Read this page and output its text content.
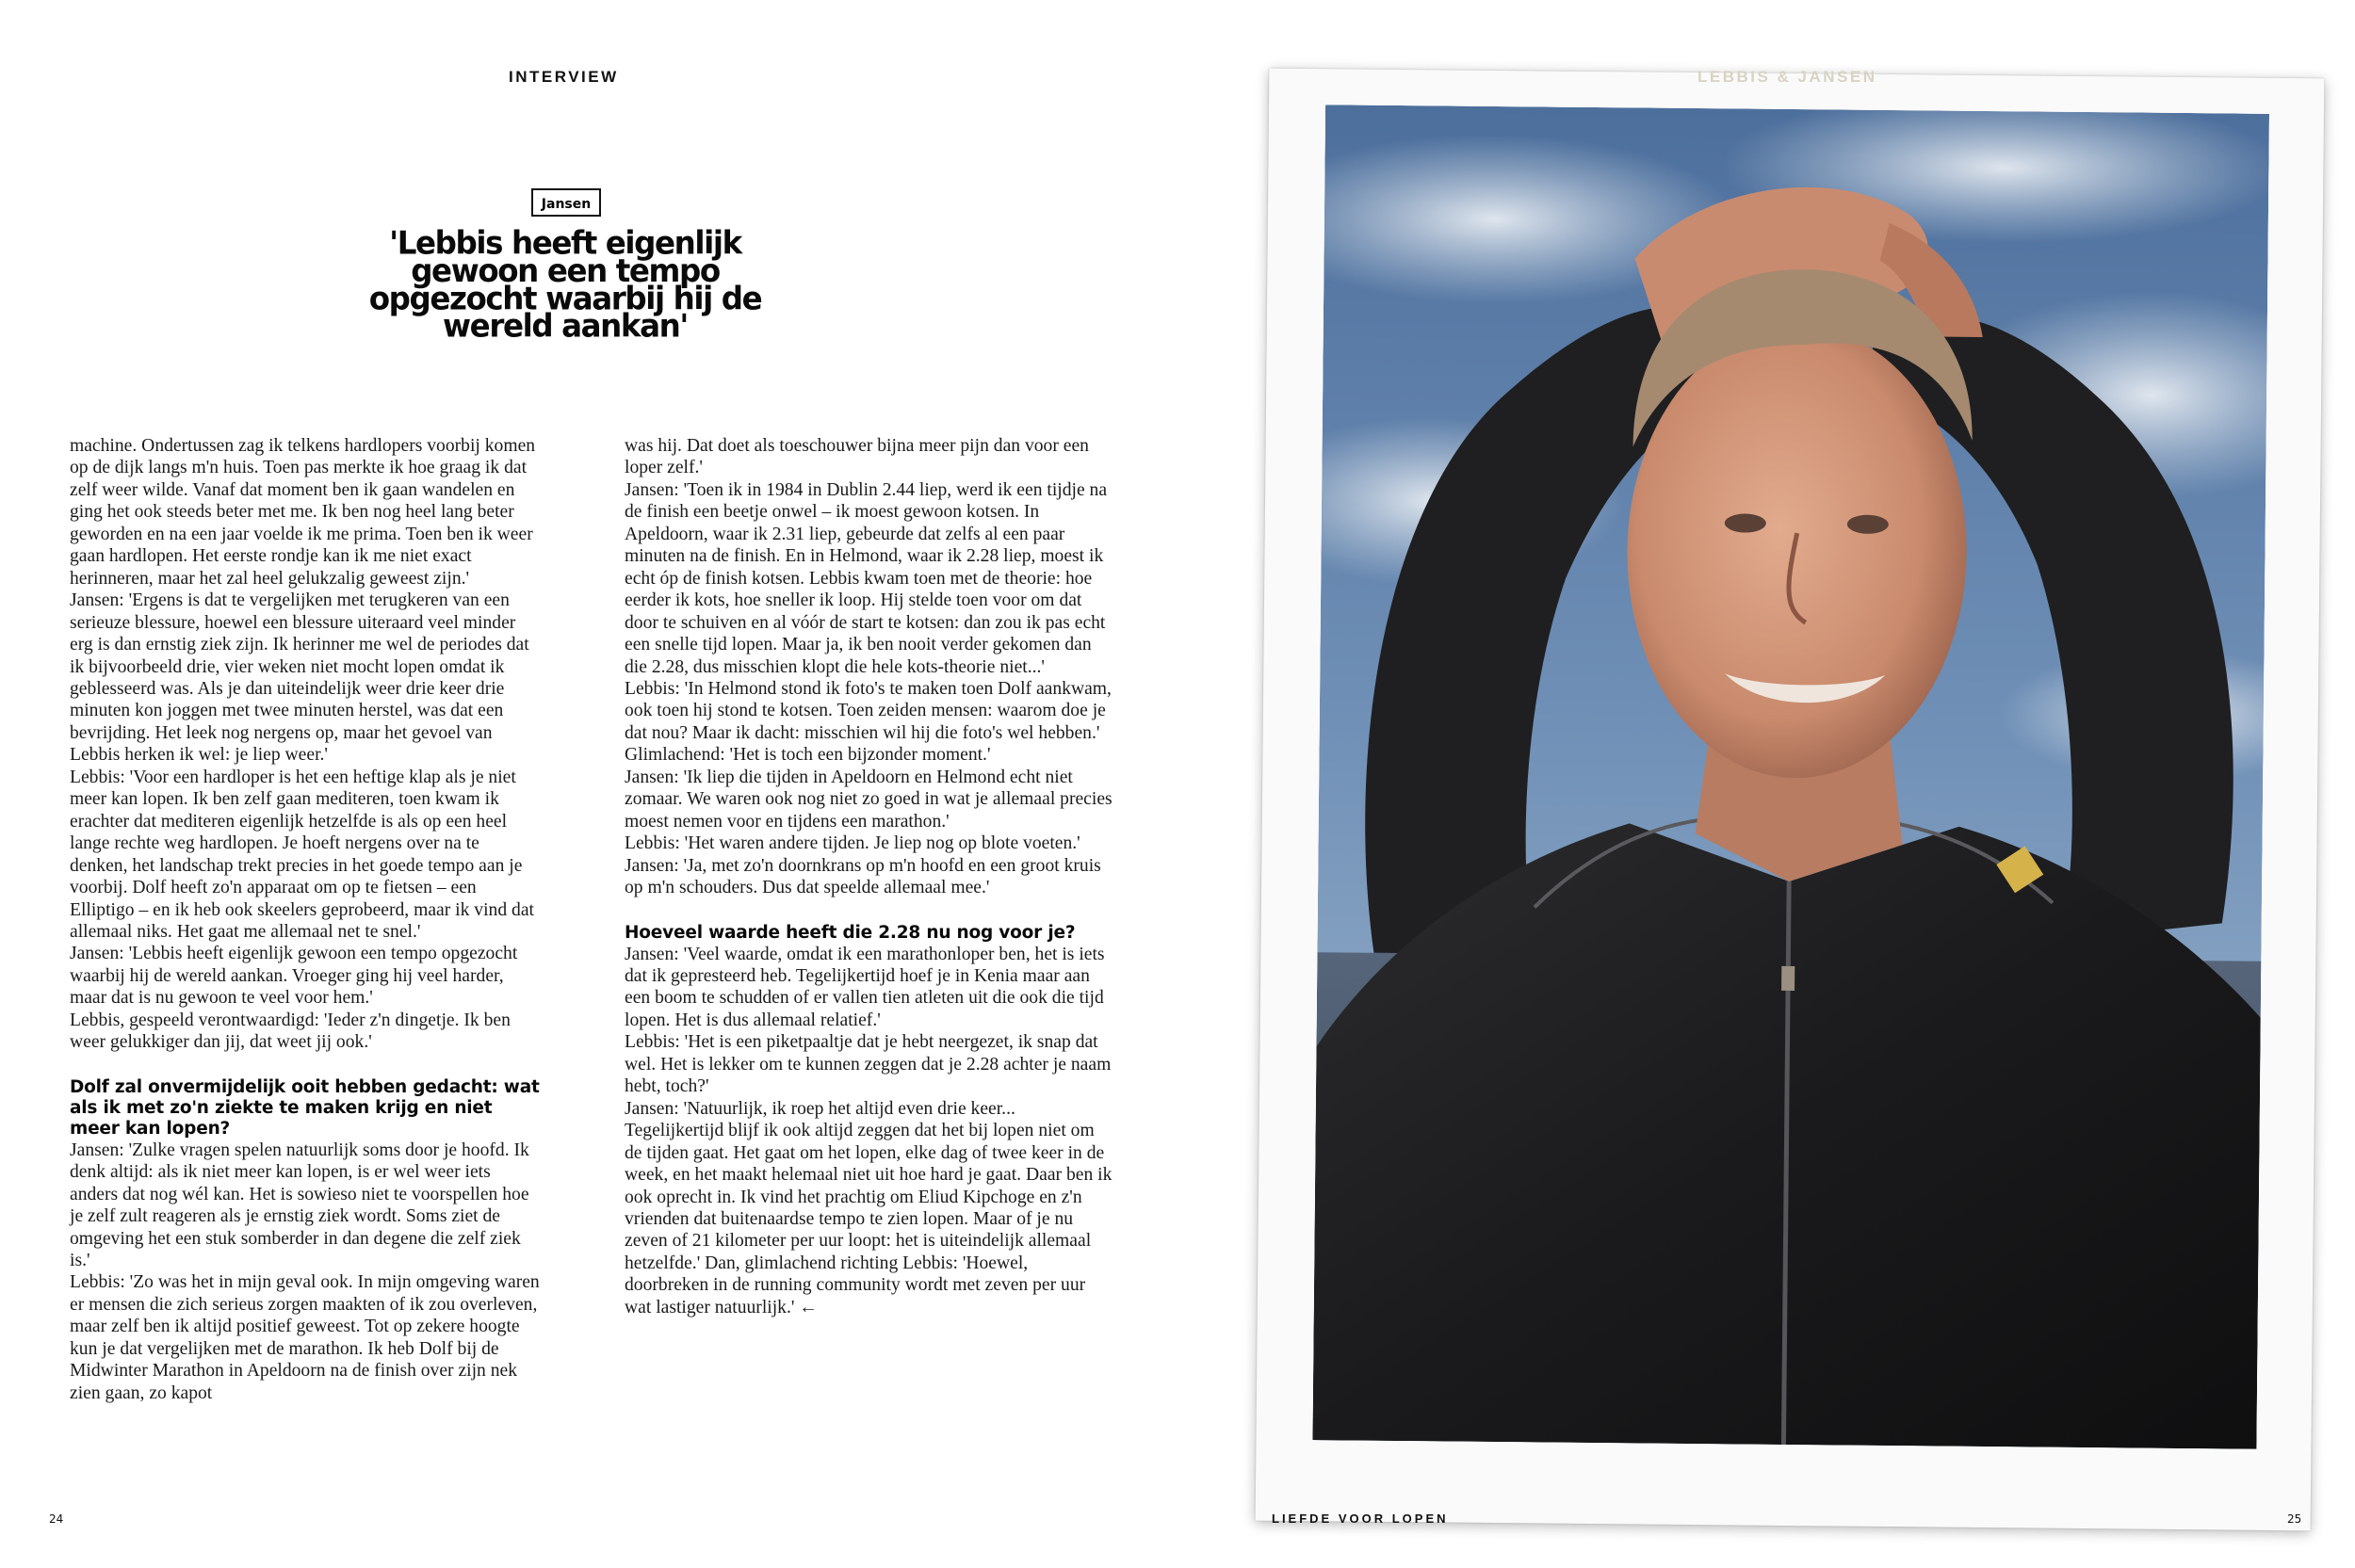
INTERVIEW
Jansen
'Lebbis heeft eigenlijk gewoon een tempo opgezocht waarbij hij de wereld aankan'

machine. Ondertussen zag ik telkens hardlopers voorbij komen op de dijk langs m'n huis. Toen pas merkte ik hoe graag ik dat zelf weer wilde. Vanaf dat moment ben ik gaan wandelen en ging het ook steeds beter met me. Ik ben nog heel lang beter geworden en na een jaar voelde ik me prima. Toen ben ik weer gaan hardlopen. Het eerste rondje kan ik me niet exact herinneren, maar het zal heel gelukzalig geweest zijn.'

Jansen: 'Ergens is dat te vergelijken met terugkeren van een serieuze blessure, hoewel een blessure uiteraard veel minder erg is dan ernstig ziek zijn. Ik herinner me wel de periodes dat ik bijvoorbeeld drie, vier weken niet mocht lopen omdat ik geblesseerd was. Als je dan uiteindelijk weer drie keer drie minuten kon joggen met twee minuten herstel, was dat een bevrijding. Het leek nog nergens op, maar het gevoel van Lebbis herken ik wel: je liep weer.'

Lebbis: 'Voor een hardloper is het een heftige klap als je niet meer kan lopen. Ik ben zelf gaan mediteren, toen kwam ik erachter dat mediteren eigenlijk hetzelfde is als op een heel lange rechte weg hardlopen. Je hoeft nergens over na te denken, het landschap trekt precies in het goede tempo aan je voorbij. Dolf heeft zo'n apparaat om op te fietsen – een Elliptigo – en ik heb ook skeelers geprobeerd, maar ik vind dat allemaal niks. Het gaat me allemaal net te snel.'

Jansen: 'Lebbis heeft eigenlijk gewoon een tempo opgezocht waarbij hij de wereld aankan. Vroeger ging hij veel harder, maar dat is nu gewoon te veel voor hem.'

Lebbis, gespeeld verontwaardigd: 'Ieder z'n dingetje. Ik ben weer gelukkiger dan jij, dat weet jij ook.'

Dolf zal onvermijdelijk ooit hebben gedacht: wat als ik met zo'n ziekte te maken krijg en niet meer kan lopen?

Jansen: 'Zulke vragen spelen natuurlijk soms door je hoofd. Ik denk altijd: als ik niet meer kan lopen, is er wel weer iets anders dat nog wél kan. Het is sowieso niet te voorspellen hoe je zelf zult reageren als je ernstig ziek wordt. Soms ziet de omgeving het een stuk somberder in dan degene die zelf ziek is.'

Lebbis: 'Zo was het in mijn geval ook. In mijn omgeving waren er mensen die zich serieus zorgen maakten of ik zou overleven, maar zelf ben ik altijd positief geweest. Tot op zekere hoogte kun je dat vergelijken met de marathon. Ik heb Dolf bij de Midwinter Marathon in Apeldoorn na de finish over zijn nek zien gaan, zo kapot

was hij. Dat doet als toeschouwer bijna meer pijn dan voor een loper zelf.'

Jansen: 'Toen ik in 1984 in Dublin 2.44 liep, werd ik een tijdje na de finish een beetje onwel – ik moest gewoon kotsen. In Apeldoorn, waar ik 2.31 liep, gebeurde dat zelfs al een paar minuten na de finish. En in Helmond, waar ik 2.28 liep, moest ik echt óp de finish kotsen. Lebbis kwam toen met de theorie: hoe eerder ik kots, hoe sneller ik loop. Hij stelde toen voor om dat door te schuiven en al vóór de start te kotsen: dan zou ik pas echt een snelle tijd lopen. Maar ja, ik ben nooit verder gekomen dan die 2.28, dus misschien klopt die hele kots-theorie niet...'

Lebbis: 'In Helmond stond ik foto's te maken toen Dolf aankwam, ook toen hij stond te kotsen. Toen zeiden mensen: waarom doe je dat nou? Maar ik dacht: misschien wil hij die foto's wel hebben.' Glimlachend: 'Het is toch een bijzonder moment.'

Jansen: 'Ik liep die tijden in Apeldoorn en Helmond echt niet zomaar. We waren ook nog niet zo goed in wat je allemaal precies moest nemen voor en tijdens een marathon.'

Lebbis: 'Het waren andere tijden. Je liep nog op blote voeten.'

Jansen: 'Ja, met zo'n doornkrans op m'n hoofd en een groot kruis op m'n schouders. Dus dat speelde allemaal mee.'

Hoeveel waarde heeft die 2.28 nu nog voor je?

Jansen: 'Veel waarde, omdat ik een marathonloper ben, het is iets dat ik gepresteerd heb. Tegelijkertijd hoef je in Kenia maar aan een boom te schudden of er vallen tien atleten uit die ook die tijd lopen. Het is dus allemaal relatief.'

Lebbis: 'Het is een piketpaaltje dat je hebt neergezet, ik snap dat wel. Het is lekker om te kunnen zeggen dat je 2.28 achter je naam hebt, toch?'

Jansen: 'Natuurlijk, ik roep het altijd even drie keer... Tegelijkertijd blijf ik ook altijd zeggen dat het bij lopen niet om de tijden gaat. Het gaat om het lopen, elke dag of twee keer in de week, en het maakt helemaal niet uit hoe hard je gaat. Daar ben ik ook oprecht in. Ik vind het prachtig om Eliud Kipchoge en z'n vrienden dat buitenaardse tempo te zien lopen. Maar of je nu zeven of 21 kilometer per uur loopt: het is uiteindelijk allemaal hetzelfde.' Dan, glimlachend richting Lebbis: 'Hoewel, doorbreken in de running community wordt met zeven per uur wat lastiger natuurlijk.' ←

24
LEBBIS & JANSEN
LIEFDE VOOR LOPEN	25
